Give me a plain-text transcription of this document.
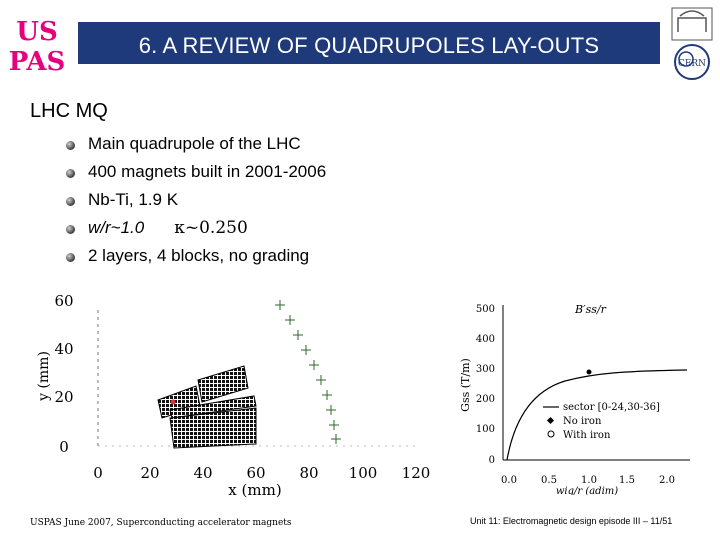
US
PAS
6. A REVIEW OF QUADRUPOLES LAY-OUTS
CERN
LHC MQ
Main quadrupole of the LHC
400 magnets built in 2001-2006
Nb-Ti, 1.9 K
w/r~1.0 κ~0.250
2 layers, 4 blocks, no grading
60
40
20
0
y (mm)
0	20 40 60 80 100 120
x (mm)
0
100
200
300
400
500
Gss (T/m)
0.0 0.5 1.0 1.5 2.0
wiq/r (adim)
B′ss/r
sector [0-24,30-36]
No iron
With iron
USPAS June 2007, Superconducting accelerator magnets	Unit 11: Electromagnetic design episode III – 11/51
